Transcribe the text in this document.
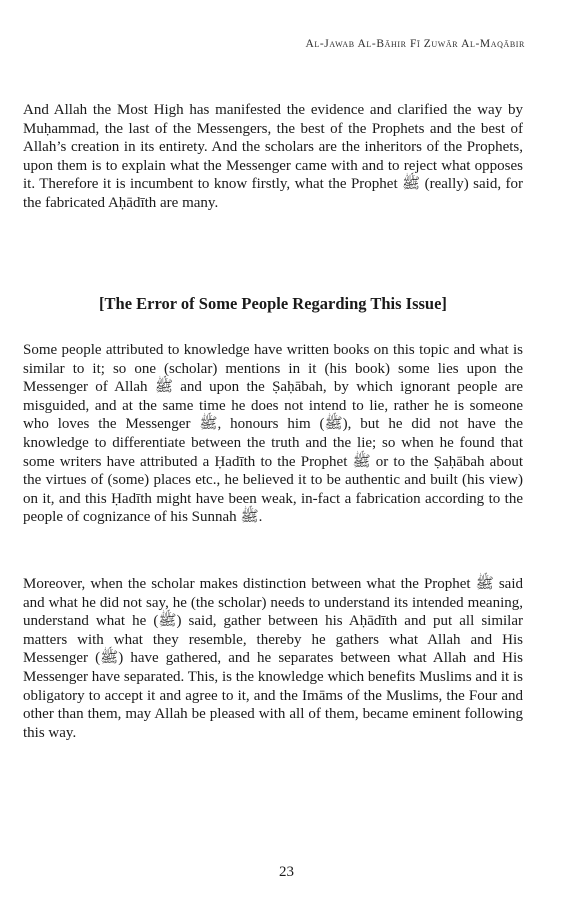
Al-Jawab Al-Bāhir Fī Zuwār Al-Maqābir

And Allah the Most High has manifested the evidence and clarified the way by Muḥammad, the last of the Messengers, the best of the Prophets and the best of Allah’s creation in its entirety. And the scholars are the inheritors of the Prophets, upon them is to explain what the Messenger came with and to reject what opposes it. Therefore it is incumbent to know firstly, what the Prophet ﷺ (really) said, for the fabricated Aḥādīth are many.

[The Error of Some People Regarding This Issue]

Some people attributed to knowledge have written books on this topic and what is similar to it; so one (scholar) mentions in it (his book) some lies upon the Messenger of Allah ﷺ and upon the Ṣaḥābah, by which ignorant people are misguided, and at the same time he does not intend to lie, rather he is someone who loves the Messenger ﷺ, honours him (ﷺ), but he did not have the knowledge to differentiate between the truth and the lie; so when he found that some writers have attributed a Ḥadīth to the Prophet ﷺ or to the Ṣaḥābah about the virtues of (some) places etc., he believed it to be authentic and built (his view) on it, and this Ḥadīth might have been weak, in-fact a fabrication according to the people of cognizance of his Sunnah ﷺ.

Moreover, when the scholar makes distinction between what the Prophet ﷺ said and what he did not say, he (the scholar) needs to understand its intended meaning, understand what he (ﷺ) said, gather between his Aḥādīth and put all similar matters with what they resemble, thereby he gathers what Allah and His Messenger (ﷺ) have gathered, and he separates between what Allah and His Messenger have separated. This, is the knowledge which benefits Muslims and it is obligatory to accept it and agree to it, and the Imāms of the Muslims, the Four and other than them, may Allah be pleased with all of them, became eminent following this way.

23
